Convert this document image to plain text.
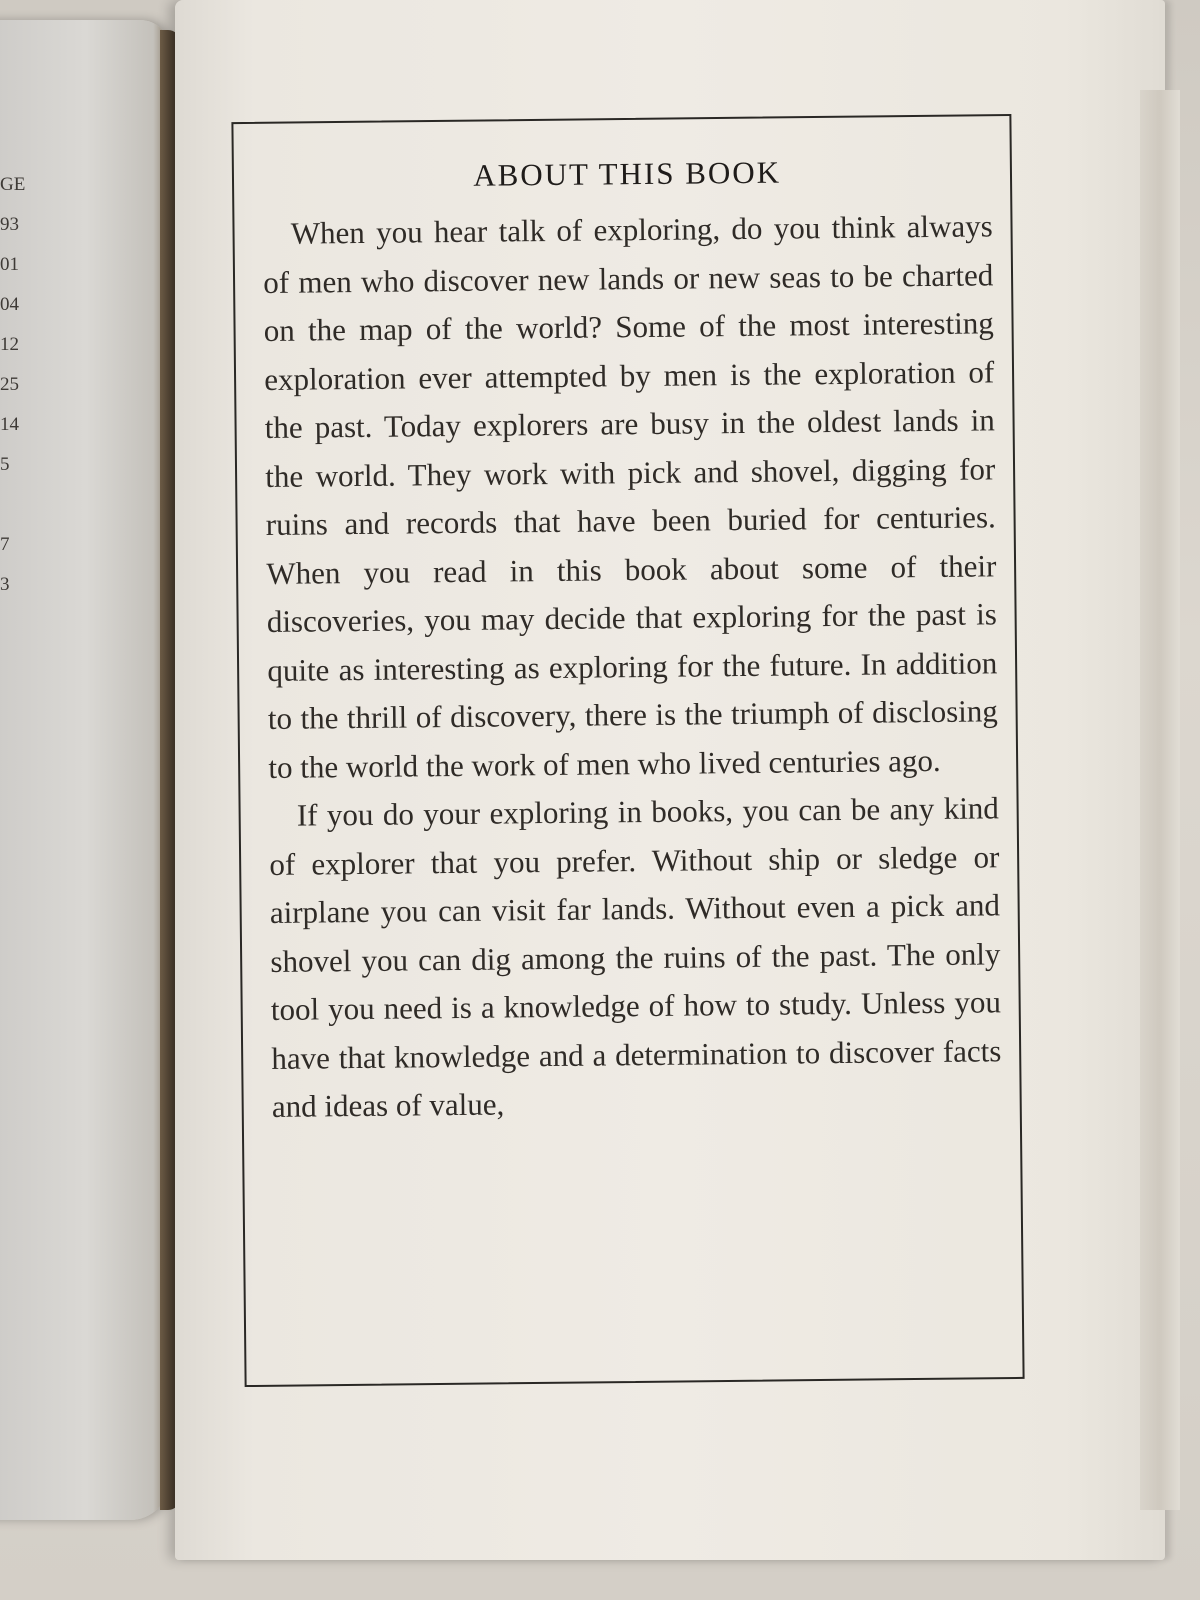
GE
93
01
04
12
25
14
5
7
3
ABOUT THIS BOOK

When you hear talk of exploring, do you think always of men who discover new lands or new seas to be charted on the map of the world? Some of the most interesting exploration ever attempted by men is the exploration of the past. Today explorers are busy in the oldest lands in the world. They work with pick and shovel, digging for ruins and records that have been buried for centuries. When you read in this book about some of their discoveries, you may decide that exploring for the past is quite as interesting as exploring for the future. In addition to the thrill of discovery, there is the triumph of disclosing to the world the work of men who lived centuries ago.

If you do your exploring in books, you can be any kind of explorer that you prefer. Without ship or sledge or airplane you can visit far lands. Without even a pick and shovel you can dig among the ruins of the past. The only tool you need is a knowledge of how to study. Unless you have that knowledge and a determination to discover facts and ideas of value,
